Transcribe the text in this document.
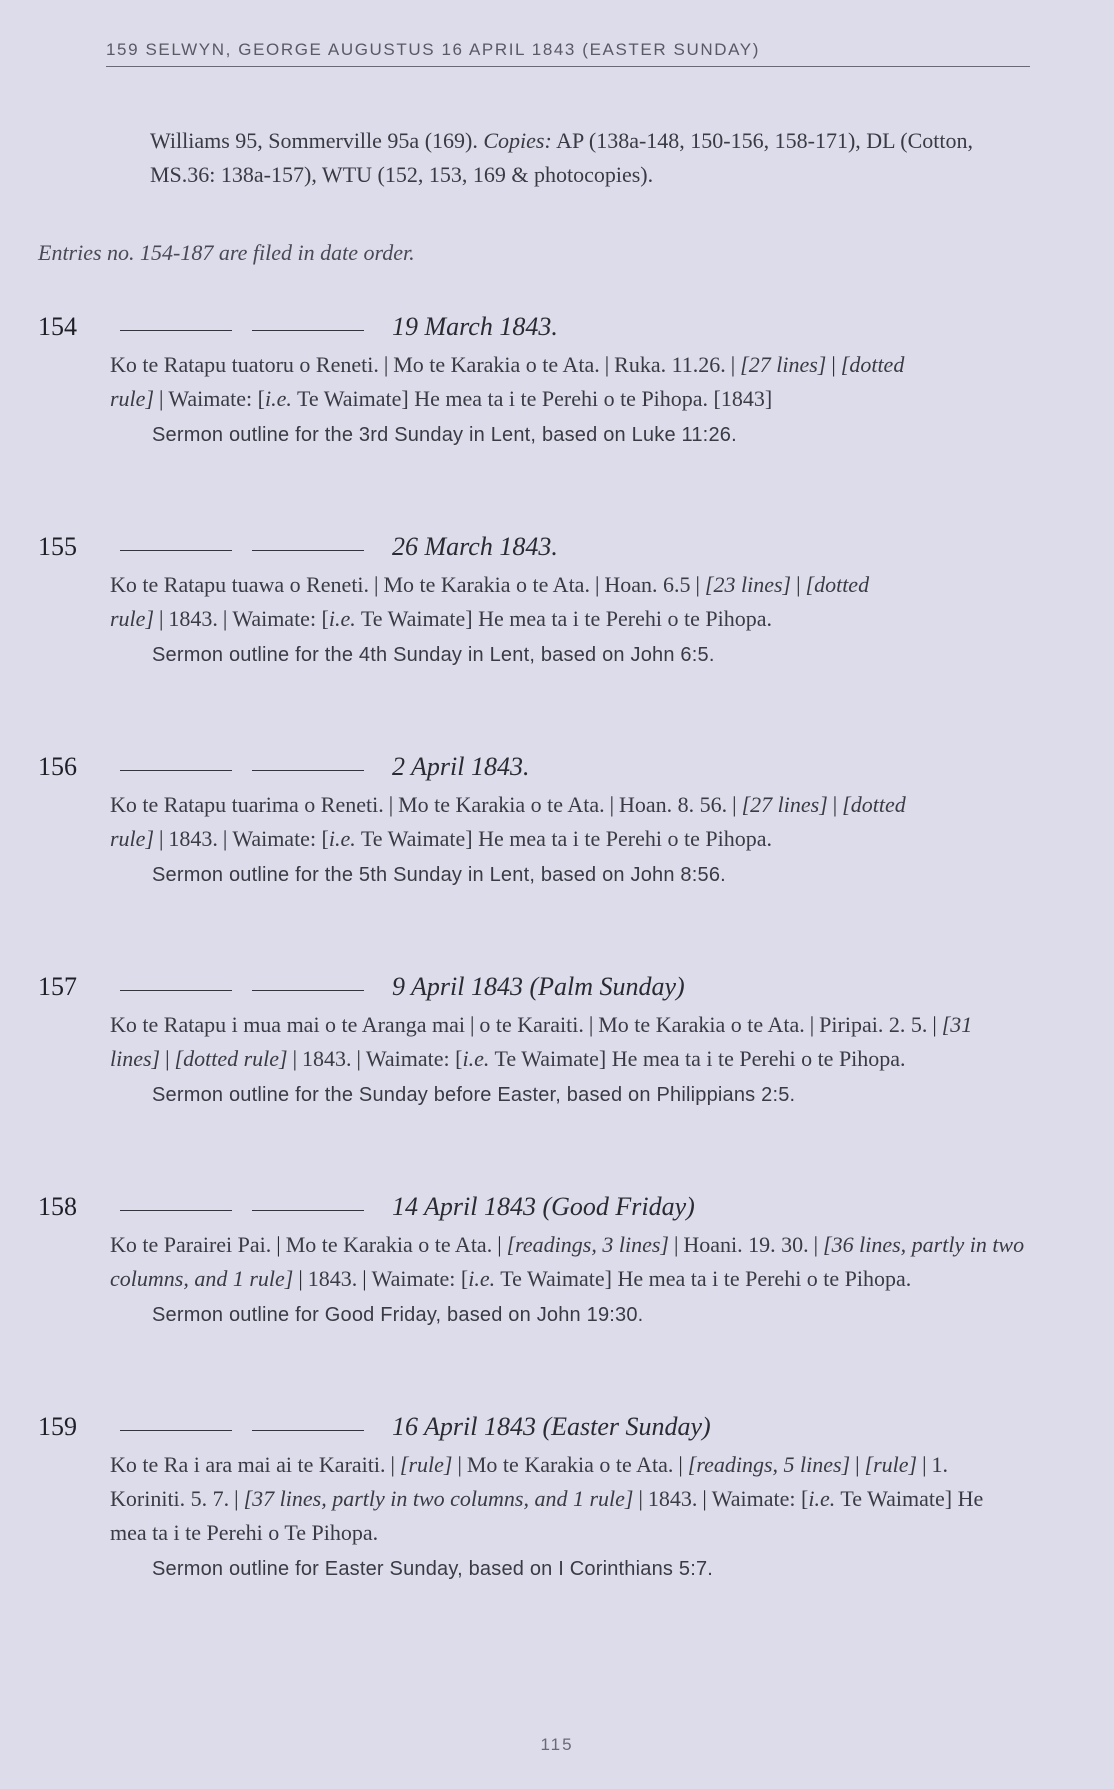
159 SELWYN, GEORGE AUGUSTUS 16 APRIL 1843 (EASTER SUNDAY)
Williams 95, Sommerville 95a (169). Copies: AP (138a-148, 150-156, 158-171), DL (Cotton, MS.36: 138a-157), WTU (152, 153, 169 & photocopies).
Entries no. 154-187 are filed in date order.
154	19 March 1843.
Ko te Ratapu tuatoru o Reneti. | Mo te Karakia o te Ata. | Ruka. 11.26. | [27 lines] | [dotted rule] | Waimate: [i.e. Te Waimate] He mea ta i te Perehi o te Pihopa. [1843]
Sermon outline for the 3rd Sunday in Lent, based on Luke 11:26.
155	26 March 1843.
Ko te Ratapu tuawa o Reneti. | Mo te Karakia o te Ata. | Hoan. 6.5 | [23 lines] | [dotted rule] | 1843. | Waimate: [i.e. Te Waimate] He mea ta i te Perehi o te Pihopa.
Sermon outline for the 4th Sunday in Lent, based on John 6:5.
156	2 April 1843.
Ko te Ratapu tuarima o Reneti. | Mo te Karakia o te Ata. | Hoan. 8. 56. | [27 lines] | [dotted rule] | 1843. | Waimate: [i.e. Te Waimate] He mea ta i te Perehi o te Pihopa.
Sermon outline for the 5th Sunday in Lent, based on John 8:56.
157	9 April 1843 (Palm Sunday)
Ko te Ratapu i mua mai o te Aranga mai | o te Karaiti. | Mo te Karakia o te Ata. | Piripai. 2. 5. | [31 lines] | [dotted rule] | 1843. | Waimate: [i.e. Te Waimate] He mea ta i te Perehi o te Pihopa.
Sermon outline for the Sunday before Easter, based on Philippians 2:5.
158	14 April 1843 (Good Friday)
Ko te Parairei Pai. | Mo te Karakia o te Ata. | [readings, 3 lines] | Hoani. 19. 30. | [36 lines, partly in two columns, and 1 rule] | 1843. | Waimate: [i.e. Te Waimate] He mea ta i te Perehi o te Pihopa.
Sermon outline for Good Friday, based on John 19:30.
159	16 April 1843 (Easter Sunday)
Ko te Ra i ara mai ai te Karaiti. | [rule] | Mo te Karakia o te Ata. | [readings, 5 lines] | [rule] | 1. Koriniti. 5. 7. | [37 lines, partly in two columns, and 1 rule] | 1843. | Waimate: [i.e. Te Waimate] He mea ta i te Perehi o Te Pihopa.
Sermon outline for Easter Sunday, based on I Corinthians 5:7.
115
